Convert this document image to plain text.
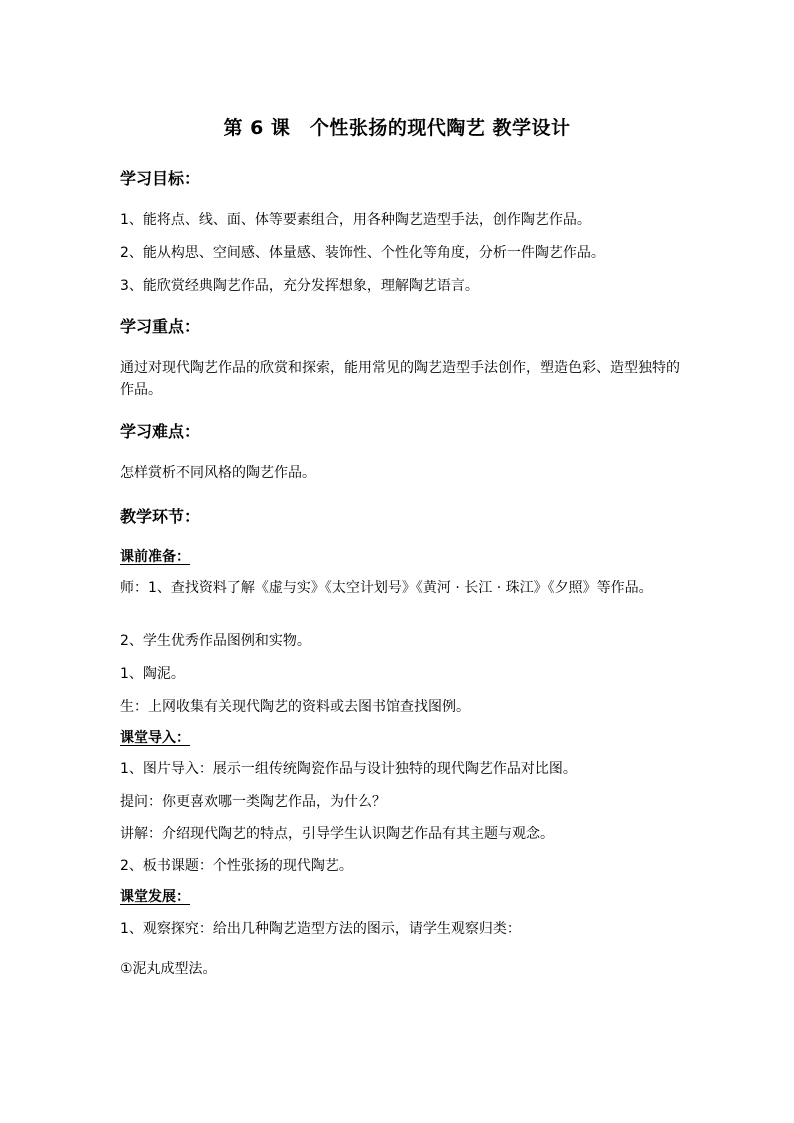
第 6 课　个性张扬的现代陶艺 教学设计
学习目标：
1、能将点、线、面、体等要素组合，用各种陶艺造型手法，创作陶艺作品。
2、能从构思、空间感、体量感、装饰性、个性化等角度，分析一件陶艺作品。
3、能欣赏经典陶艺作品，充分发挥想象，理解陶艺语言。
学习重点：
通过对现代陶艺作品的欣赏和探索，能用常见的陶艺造型手法创作，塑造色彩、造型独特的作品。
学习难点：
怎样赏析不同风格的陶艺作品。
教学环节：
课前准备：
师：1、查找资料了解《虚与实》《太空计划号》《黄河 · 长江 · 珠江》《夕照》等作品。
2、学生优秀作品图例和实物。
1、陶泥。
生：上网收集有关现代陶艺的资料或去图书馆查找图例。
课堂导入：
1、图片导入：展示一组传统陶瓷作品与设计独特的现代陶艺作品对比图。
提问：你更喜欢哪一类陶艺作品，为什么？
讲解：介绍现代陶艺的特点，引导学生认识陶艺作品有其主题与观念。
2、板书课题：个性张扬的现代陶艺。
课堂发展：
1、观察探究：给出几种陶艺造型方法的图示，请学生观察归类：
①泥丸成型法。
